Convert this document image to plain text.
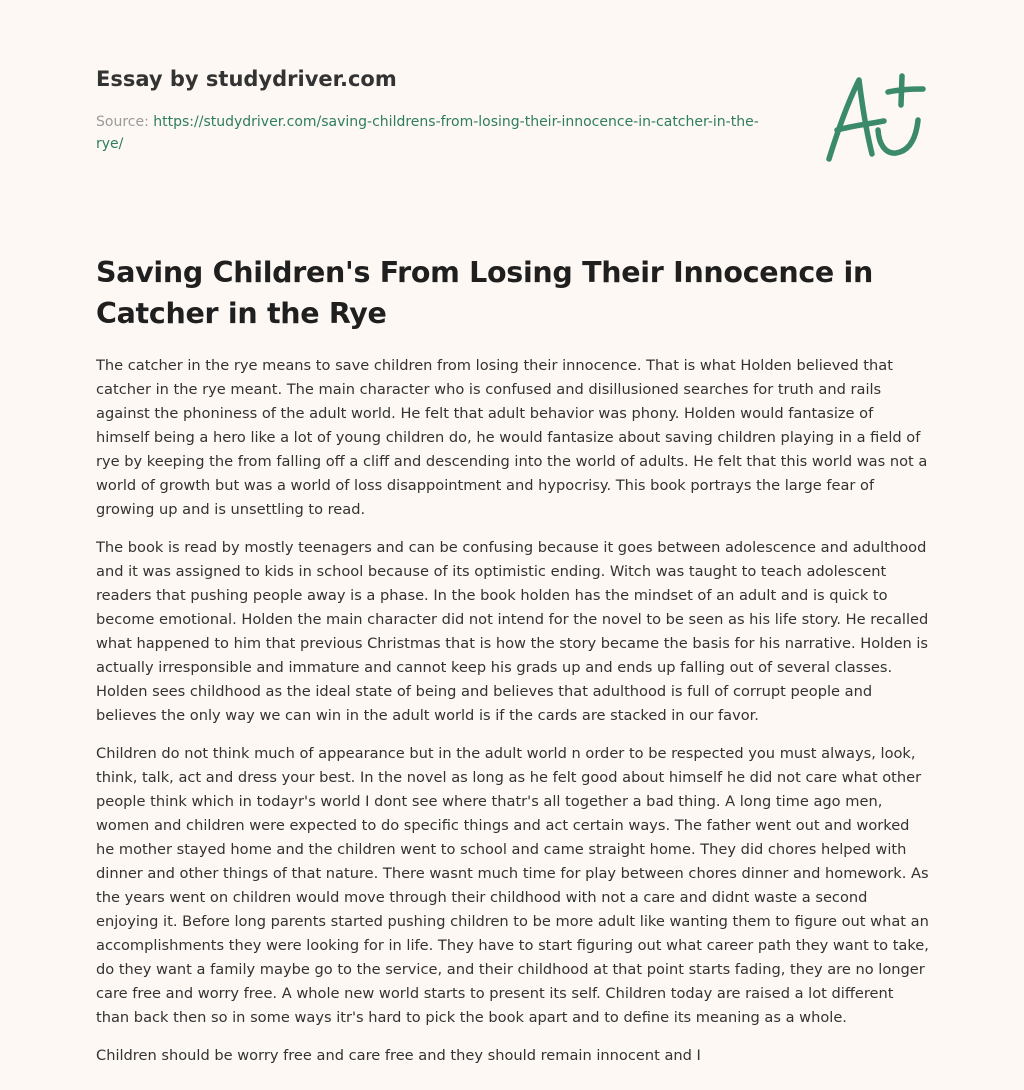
Essay by studydriver.com
Source: https://studydriver.com/saving-childrens-from-losing-their-innocence-in-catcher-in-the-rye/
Saving Children's From Losing Their Innocence in Catcher in the Rye

The catcher in the rye means to save children from losing their innocence. That is what Holden believed that catcher in the rye meant. The main character who is confused and disillusioned searches for truth and rails against the phoniness of the adult world. He felt that adult behavior was phony. Holden would fantasize of himself being a hero like a lot of young children do, he would fantasize about saving children playing in a field of rye by keeping the from falling off a cliff and descending into the world of adults. He felt that this world was not a world of growth but was a world of loss disappointment and hypocrisy. This book portrays the large fear of growing up and is unsettling to read.

The book is read by mostly teenagers and can be confusing because it goes between adolescence and adulthood and it was assigned to kids in school because of its optimistic ending. Witch was taught to teach adolescent readers that pushing people away is a phase. In the book holden has the mindset of an adult and is quick to become emotional. Holden the main character did not intend for the novel to be seen as his life story. He recalled what happened to him that previous Christmas that is how the story became the basis for his narrative. Holden is actually irresponsible and immature and cannot keep his grads up and ends up falling out of several classes. Holden sees childhood as the ideal state of being and believes that adulthood is full of corrupt people and believes the only way we can win in the adult world is if the cards are stacked in our favor.

Children do not think much of appearance but in the adult world n order to be respected you must always, look, think, talk, act and dress your best. In the novel as long as he felt good about himself he did not care what other people think which in todayr's world I dont see where thatr's all together a bad thing. A long time ago men, women and children were expected to do specific things and act certain ways. The father went out and worked he mother stayed home and the children went to school and came straight home. They did chores helped with dinner and other things of that nature. There wasnt much time for play between chores dinner and homework. As the years went on children would move through their childhood with not a care and didnt waste a second enjoying it. Before long parents started pushing children to be more adult like wanting them to figure out what an accomplishments they were looking for in life. They have to start figuring out what career path they want to take, do they want a family maybe go to the service, and their childhood at that point starts fading, they are no longer care free and worry free. A whole new world starts to present its self. Children today are raised a lot different than back then so in some ways itr's hard to pick the book apart and to define its meaning as a whole.

Children should be worry free and care free and they should remain innocent and I
